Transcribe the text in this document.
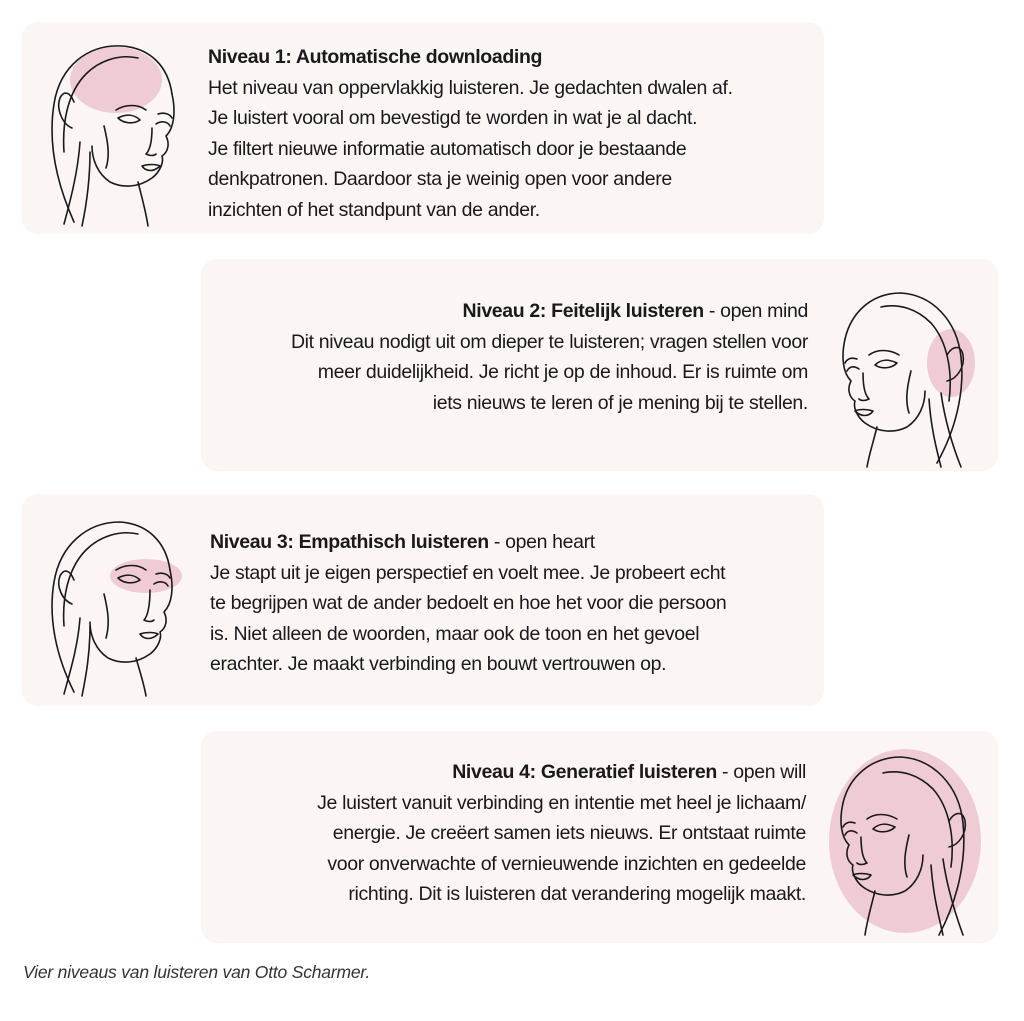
Niveau 1: Automatische downloading

Het niveau van oppervlakkig luisteren. Je gedachten dwalen af.

Je luistert vooral om bevestigd te worden in wat je al dacht.

Je filtert nieuwe informatie automatisch door je bestaande

denkpatronen. Daardoor sta je weinig open voor andere

inzichten of het standpunt van de ander.

Niveau 2: Feitelijk luisteren - open mind

Dit niveau nodigt uit om dieper te luisteren; vragen stellen voor

meer duidelijkheid. Je richt je op de inhoud. Er is ruimte om

iets nieuws te leren of je mening bij te stellen.

Niveau 3: Empathisch luisteren - open heart

Je stapt uit je eigen perspectief en voelt mee. Je probeert echt

te begrijpen wat de ander bedoelt en hoe het voor die persoon

is. Niet alleen de woorden, maar ook de toon en het gevoel

erachter. Je maakt verbinding en bouwt vertrouwen op.

Niveau 4: Generatief luisteren - open will

Je luistert vanuit verbinding en intentie met heel je lichaam/

energie. Je creëert samen iets nieuws. Er ontstaat ruimte

voor onverwachte of vernieuwende inzichten en gedeelde

richting. Dit is luisteren dat verandering mogelijk maakt.

Vier niveaus van luisteren van Otto Scharmer.
